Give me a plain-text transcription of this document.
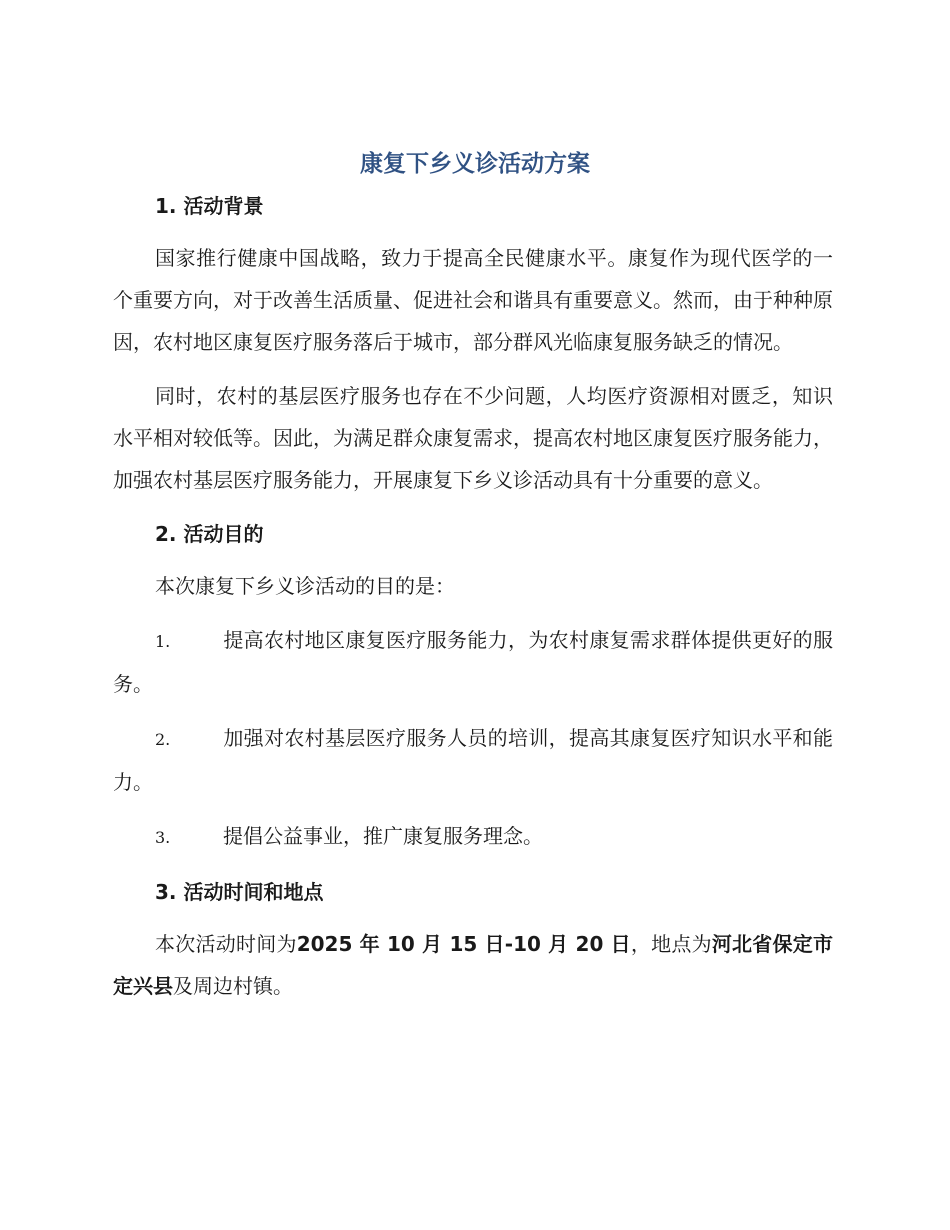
康复下乡义诊活动方案
1. 活动背景

国家推行健康中国战略，致力于提高全民健康水平。康复作为现代医学的一个重要方向，对于改善生活质量、促进社会和谐具有重要意义。然而，由于种种原因，农村地区康复医疗服务落后于城市，部分群风光临康复服务缺乏的情况。

同时，农村的基层医疗服务也存在不少问题，人均医疗资源相对匮乏，知识水平相对较低等。因此，为满足群众康复需求，提高农村地区康复医疗服务能力，加强农村基层医疗服务能力，开展康复下乡义诊活动具有十分重要的意义。

2. 活动目的

本次康复下乡义诊活动的目的是：

1.	提高农村地区康复医疗服务能力，为农村康复需求群体提供更好的服务。

2.	加强对农村基层医疗服务人员的培训，提高其康复医疗知识水平和能力。

3.	提倡公益事业，推广康复服务理念。

3. 活动时间和地点

本次活动时间为2025 年 10 月 15 日-10 月 20 日，地点为河北省保定市定兴县及周边村镇。
